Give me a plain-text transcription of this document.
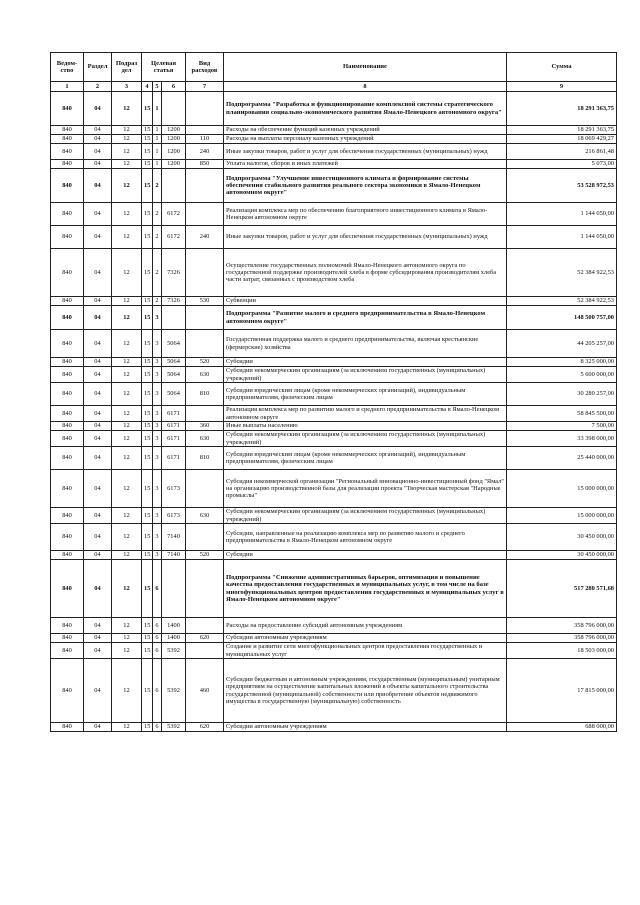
Ведом-ство	Раздел	Подраз дел	Целевая статья			Вид расходов	Наименование	Сумма
1	2	3	4	5	6	7	8	9
840	04	12	15	1			Подпрограмма "Разработка и функционирование комплексной системы стратегического планирования социально-экономического развития Ямало-Ненецкого автономного округа"	18 291 363,75
840	04	12	15	1	1200		Расходы на обеспечение функций казенных учреждений	18 291 363,75
840	04	12	15	1	1200	110	Расходы на выплаты персоналу казенных учреждений	18 069 429,27
840	04	12	15	1	1200	240	Иные закупки товаров, работ и услуг для обеспечения государственных (муниципальных) нужд	216 861,48
840	04	12	15	1	1200	850	Уплата налогов, сборов и иных платежей	5 073,00
840	04	12	15	2			Подпрограмма "Улучшение инвестиционного климата и формирование системы обеспечения стабильного развития реального сектора экономики в Ямало-Ненецком автономном округе"	53 528 972,53
840	04	12	15	2	6172		Реализация комплекса мер по обеспечению благоприятного инвестиционного климата в Ямало-Ненецком автономном округе	1 144 050,00
840	04	12	15	2	6172	240	Иные закупки товаров, работ и услуг для обеспечения государственных (муниципальных) нужд	1 144 050,00
840	04	12	15	2	7326		Осуществление государственных полномочий Ямало-Ненецкого автономного округа по государственной поддержке производителей хлеба в форме субсидирования производителям хлеба части затрат, связанных с производством хлеба	52 384 922,53
840	04	12	15	2	7326	530	Субвенции	52 384 922,53
840	04	12	15	3			Подпрограмма "Развитие малого и среднего предпринимательства в Ямало-Ненецком автономном округе"	148 500 757,00
840	04	12	15	3	5064		Государственная поддержка малого и среднего предпринимательства, включая крестьянские (фермерские) хозяйства	44 205 257,00
840	04	12	15	3	5064	520	Субсидии	8 325 000,00
840	04	12	15	3	5064	630	Субсидии некоммерческим организациям (за исключением государственных (муниципальных) учреждений)	5 600 000,00
840	04	12	15	3	5064	810	Субсидии юридическим лицам (кроме некоммерческих организаций), индивидуальным предпринимателям, физическим лицам	30 280 257,00
840	04	12	15	3	6171		Реализация комплекса мер по развитию малого и среднего предпринимательства в Ямало-Ненецком автономном округе	58 845 500,00
840	04	12	15	3	6171	360	Иные выплаты населению	7 500,00
840	04	12	15	3	6171	630	Субсидии некоммерческим организациям (за исключением государственных (муниципальных) учреждений)	33 398 000,00
840	04	12	15	3	6171	810	Субсидии юридическим лицам (кроме некоммерческих организаций), индивидуальным предпринимателям, физическим лицам	25 440 000,00
840	04	12	15	3	6173		Субсидия некоммерческой организации "Региональный инновационно-инвестиционный фонд "Ямал" на организацию производственной базы для реализации проекта "Творческая мастерская "Народные промыслы"	15 000 000,00
840	04	12	15	3	6173	630	Субсидии некоммерческим организациям (за исключением государственных (муниципальных) учреждений)	15 000 000,00
840	04	12	15	3	7140		Субсидии, направленные на реализацию комплекса мер по развитию малого и среднего предпринимательства в Ямало-Ненецком автономном округе	30 450 000,00
840	04	12	15	3	7140	520	Субсидии	30 450 000,00
840	04	12	15	6			Подпрограмма "Снижение административных барьеров, оптимизация и повышение качества предоставления государственных и муниципальных услуг, в том числе на базе многофункциональных центров предоставления государственных и муниципальных услуг в Ямало-Ненецком автономном округе"	517 280 571,68
840	04	12	15	6	1400		Расходы на предоставление субсидий автономным учреждениям	358 796 000,00
840	04	12	15	6	1400	620	Субсидии автономным учреждениям	358 796 000,00
840	04	12	15	6	5392		Создание и развитие сети многофункциональных центров предоставления государственных и муниципальных услуг	18 503 000,00
840	04	12	15	6	5392	460	Субсидии бюджетным и автономным учреждениям, государственным (муниципальным) унитарным предприятиям на осуществление капитальных вложений в объекты капитального строительства государственной (муниципальной) собственности или приобретение объектов недвижимого имущества в государственную (муниципальную) собственность	17 815 000,00
840	04	12	15	6	5392	620	Субсидии автономным учреждениям	688 000,00
